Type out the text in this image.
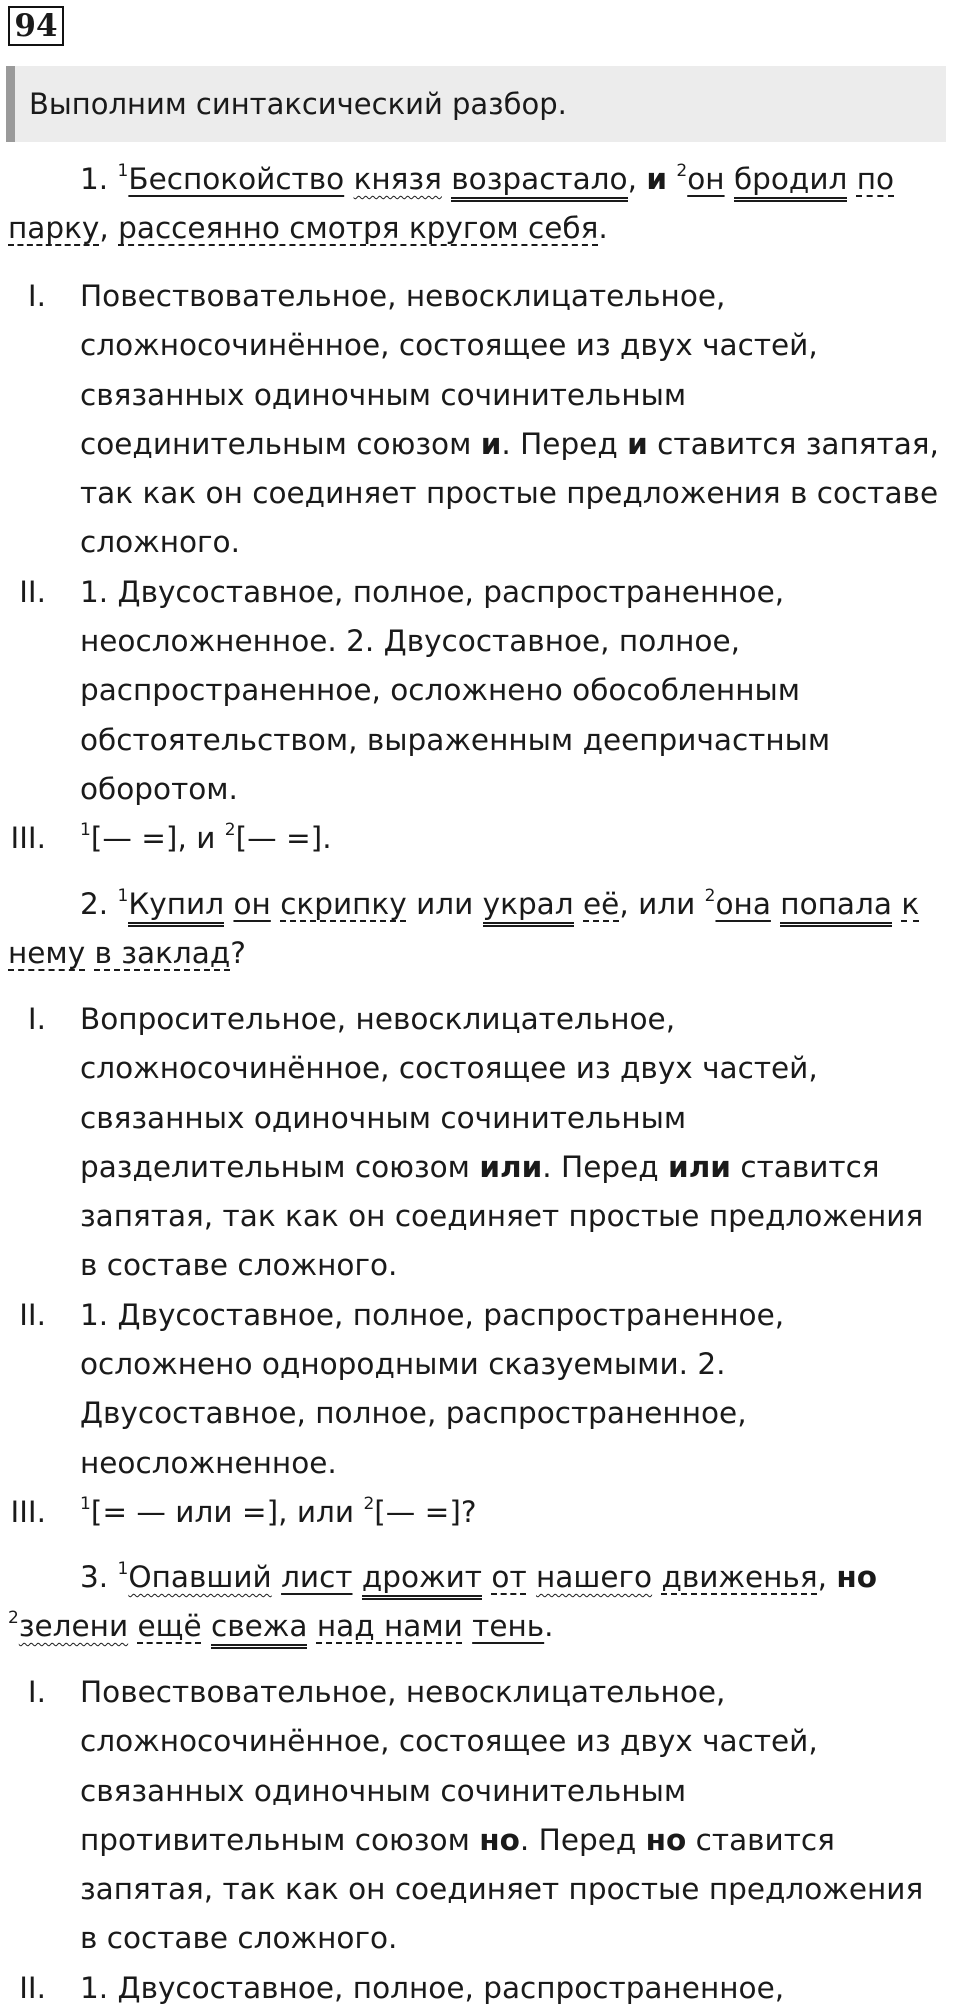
94
Выполним синтаксический разбор.

1. $^1$Беспокойство князя возрастало, и $^2$он бродил по парку, рассеянно смотря кругом себя.

I. Повествовательное, невосклицательное, сложносочинённое, состоящее из двух частей, связанных одиночным сочинительным соединительным союзом и. Перед и ставится запятая, так как он соединяет простые предложения в составе сложного.
II. 1. Двусоставное, полное, распространенное, неосложненное. 2. Двусоставное, полное, распространенное, осложнено обособленным обстоятельством, выраженным деепричастным оборотом.
III. $^1$[— =], и $^2$[— =].

2. $^1$Купил он скрипку или украл её, или $^2$она попала к нему в заклад?

I. Вопросительное, невосклицательное, сложносочинённое, состоящее из двух частей, связанных одиночным сочинительным разделительным союзом или. Перед или ставится запятая, так как он соединяет простые предложения в составе сложного.
II. 1. Двусоставное, полное, распространенное, осложнено однородными сказуемыми. 2. Двусоставное, полное, распространенное, неосложненное.
III. $^1$[= — или =], или $^2$[— =]?

3. $^1$Опавший лист дрожит от нашего движенья, но $^2$зелени ещё свежа над нами тень.

I. Повествовательное, невосклицательное, сложносочинённое, состоящее из двух частей, связанных одиночным сочинительным противительным союзом но. Перед но ставится запятая, так как он соединяет простые предложения в составе сложного.
II. 1. Двусоставное, полное, распространенное,
